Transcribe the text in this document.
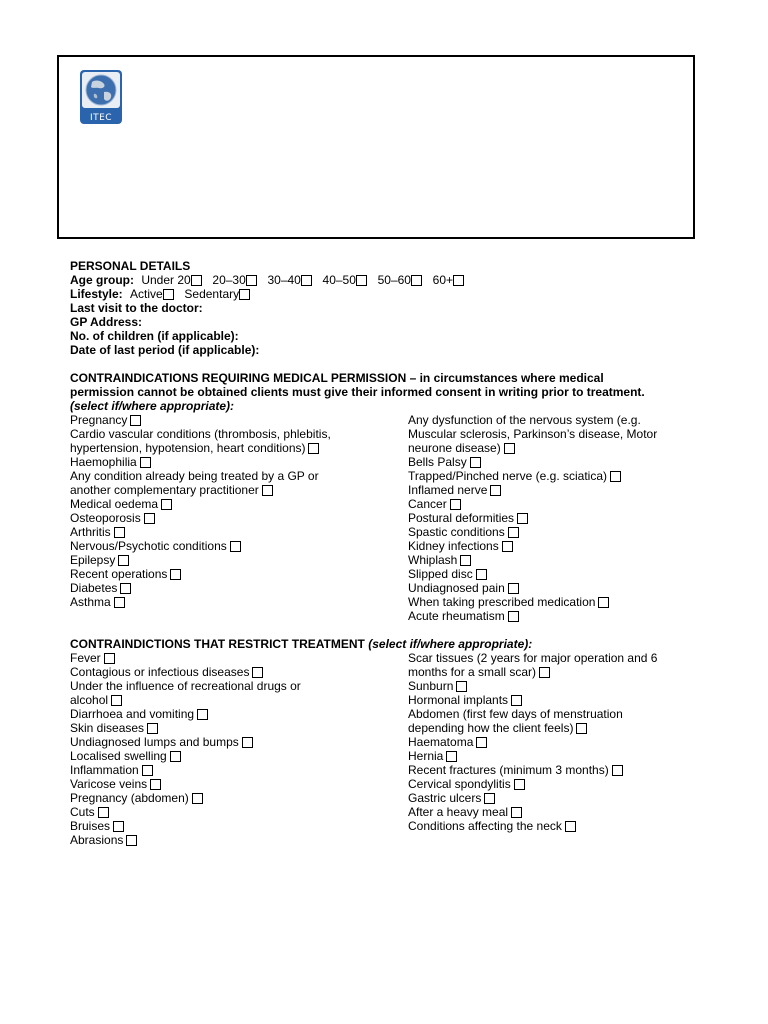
ITEC
PERSONAL DETAILS
Age group: Under 20 20–30 30–40 40–50 50–60 60+
Lifestyle: Active Sedentary
Last visit to the doctor:
GP Address:
No. of children (if applicable):
Date of last period (if applicable):
CONTRAINDICATIONS REQUIRING MEDICAL PERMISSION – in circumstances where medical
permission cannot be obtained clients must give their informed consent in writing prior to treatment.
(select if/where appropriate):
Pregnancy
Cardio vascular conditions (thrombosis, phlebitis,
hypertension, hypotension, heart conditions)
Haemophilia
Any condition already being treated by a GP or
another complementary practitioner
Medical oedema
Osteoporosis
Arthritis
Nervous/Psychotic conditions
Epilepsy
Recent operations
Diabetes
Asthma
Any dysfunction of the nervous system (e.g.
Muscular sclerosis, Parkinson’s disease, Motor
neurone disease)
Bells Palsy
Trapped/Pinched nerve (e.g. sciatica)
Inflamed nerve
Cancer
Postural deformities
Spastic conditions
Kidney infections
Whiplash
Slipped disc
Undiagnosed pain
When taking prescribed medication
Acute rheumatism
CONTRAINDICTIONS THAT RESTRICT TREATMENT (select if/where appropriate):
Fever
Contagious or infectious diseases
Under the influence of recreational drugs or
alcohol
Diarrhoea and vomiting
Skin diseases
Undiagnosed lumps and bumps
Localised swelling
Inflammation
Varicose veins
Pregnancy (abdomen)
Cuts
Bruises
Abrasions
Scar tissues (2 years for major operation and 6
months for a small scar)
Sunburn
Hormonal implants
Abdomen (first few days of menstruation
depending how the client feels)
Haematoma
Hernia
Recent fractures (minimum 3 months)
Cervical spondylitis
Gastric ulcers
After a heavy meal
Conditions affecting the neck
